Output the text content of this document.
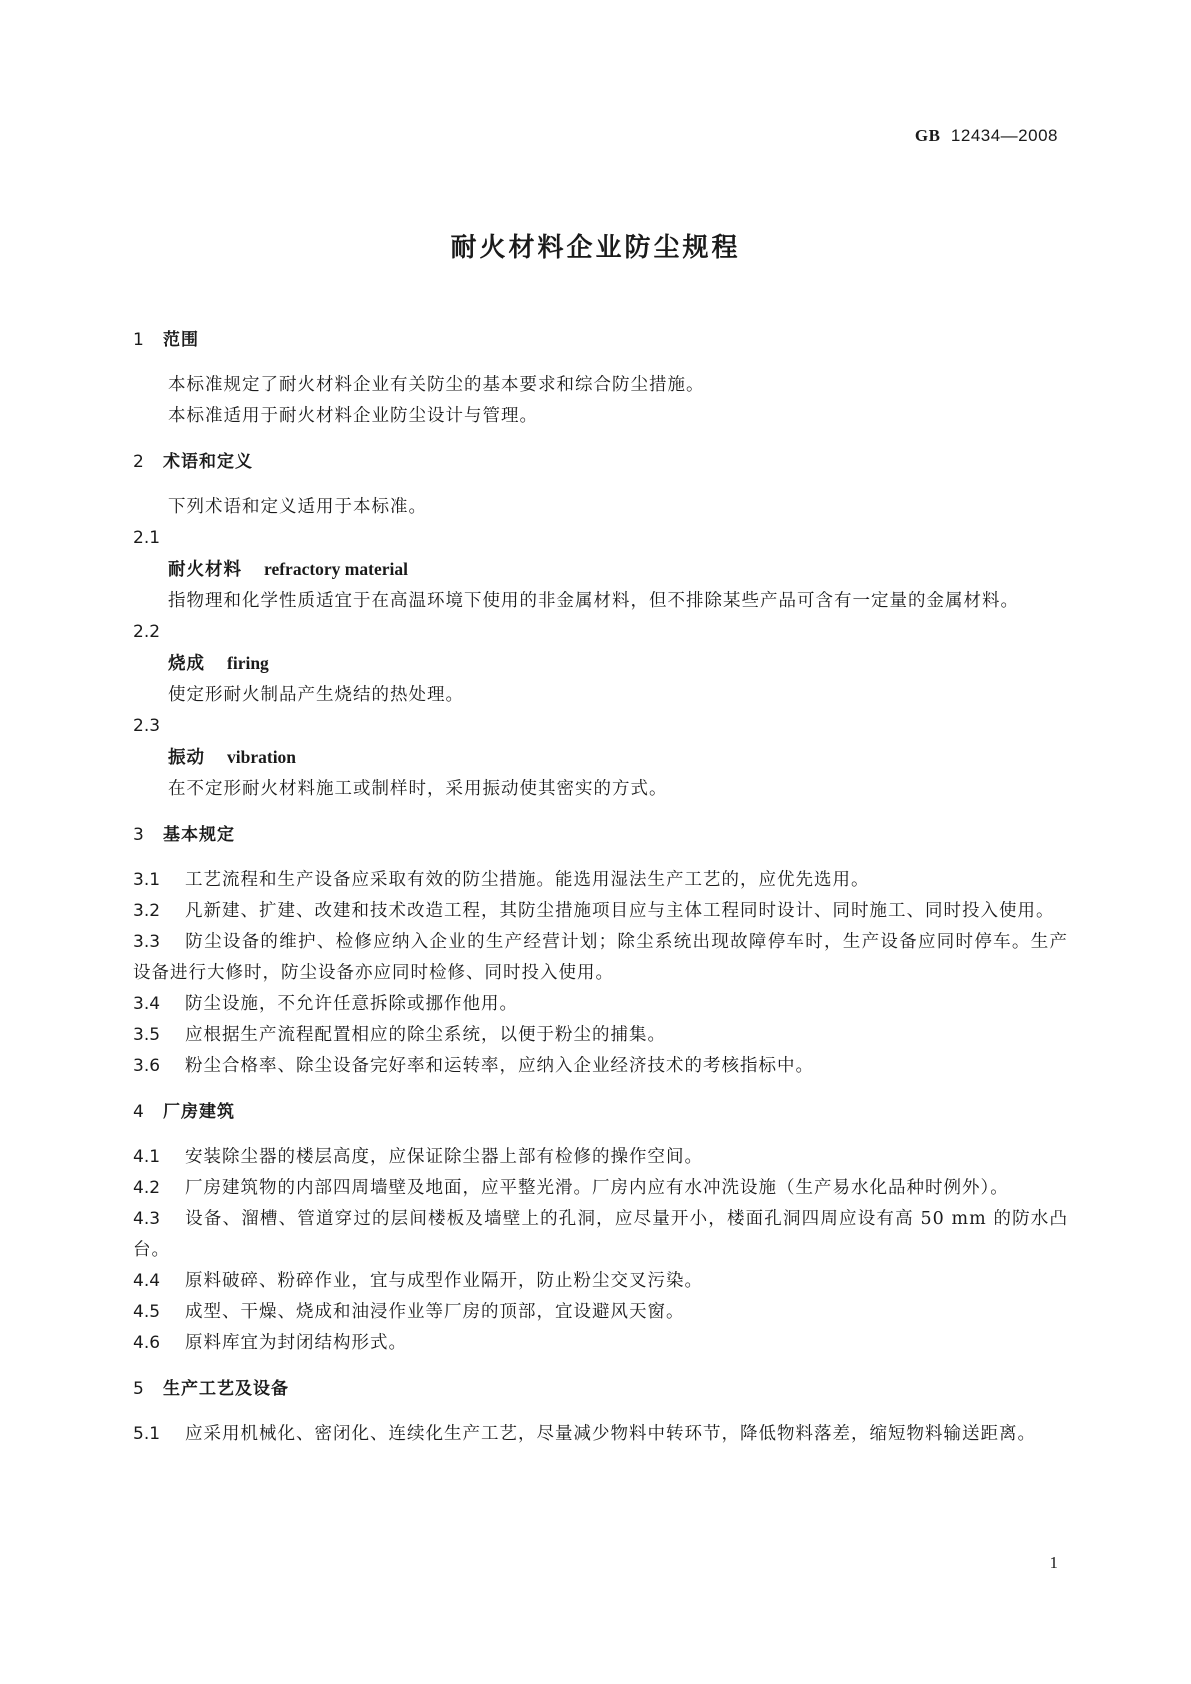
GB 12434—2008
耐火材料企业防尘规程
1 范围

本标准规定了耐火材料企业有关防尘的基本要求和综合防尘措施。

本标准适用于耐火材料企业防尘设计与管理。

2 术语和定义

下列术语和定义适用于本标准。

2.1

耐火材料 refractory material

指物理和化学性质适宜于在高温环境下使用的非金属材料，但不排除某些产品可含有一定量的金属材料。

2.2

烧成 firing

使定形耐火制品产生烧结的热处理。

2.3

振动 vibration

在不定形耐火材料施工或制样时，采用振动使其密实的方式。

3 基本规定

3.1 工艺流程和生产设备应采取有效的防尘措施。能选用湿法生产工艺的，应优先选用。

3.2 凡新建、扩建、改建和技术改造工程，其防尘措施项目应与主体工程同时设计、同时施工、同时投入使用。

3.3 防尘设备的维护、检修应纳入企业的生产经营计划；除尘系统出现故障停车时，生产设备应同时停车。生产设备进行大修时，防尘设备亦应同时检修、同时投入使用。

3.4 防尘设施，不允许任意拆除或挪作他用。

3.5 应根据生产流程配置相应的除尘系统，以便于粉尘的捕集。

3.6 粉尘合格率、除尘设备完好率和运转率，应纳入企业经济技术的考核指标中。

4 厂房建筑

4.1 安装除尘器的楼层高度，应保证除尘器上部有检修的操作空间。

4.2 厂房建筑物的内部四周墙壁及地面，应平整光滑。厂房内应有水冲洗设施（生产易水化品种时例外）。

4.3 设备、溜槽、管道穿过的层间楼板及墙壁上的孔洞，应尽量开小，楼面孔洞四周应设有高 50 mm 的防水凸台。

4.4 原料破碎、粉碎作业，宜与成型作业隔开，防止粉尘交叉污染。

4.5 成型、干燥、烧成和油浸作业等厂房的顶部，宜设避风天窗。

4.6 原料库宜为封闭结构形式。

5 生产工艺及设备

5.1 应采用机械化、密闭化、连续化生产工艺，尽量减少物料中转环节，降低物料落差，缩短物料输送距离。

1
